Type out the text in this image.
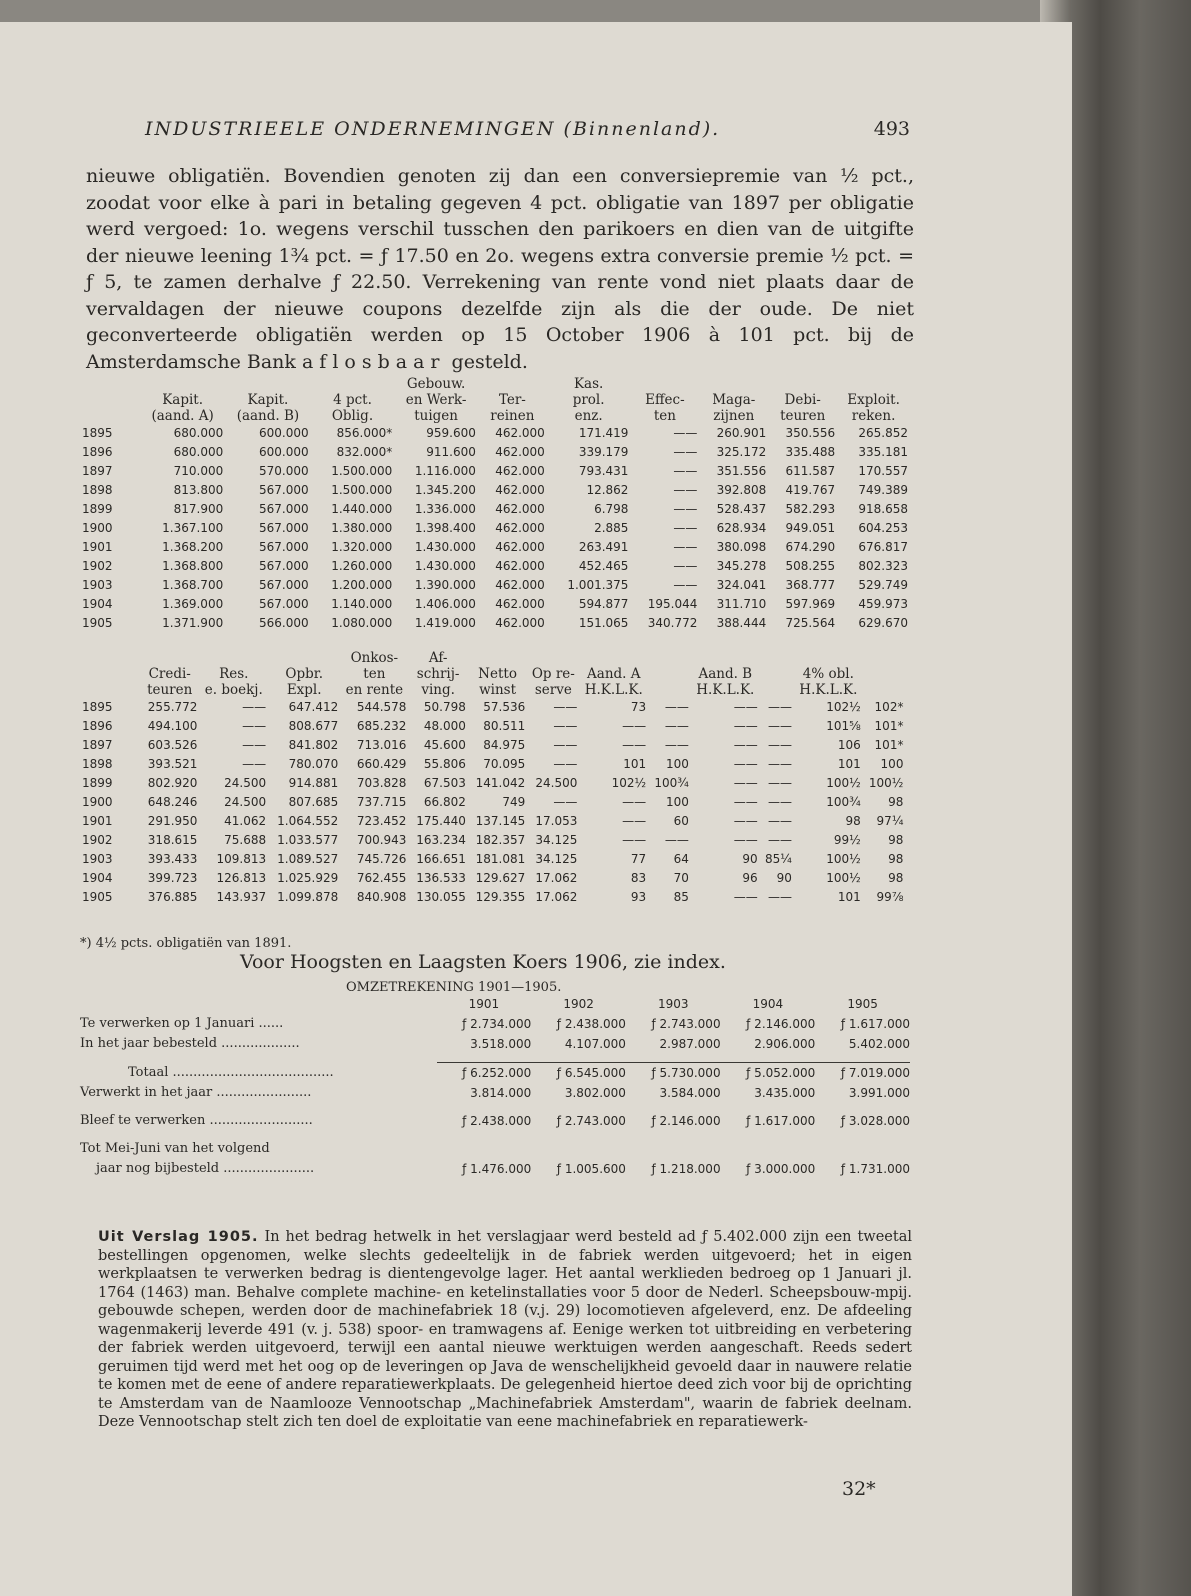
INDUSTRIEELE ONDERNEMINGEN (Binnenland).	493

nieuwe obligatiën. Bovendien genoten zij dan een conversiepremie van ½ pct., zoodat voor elke à pari in betaling gegeven 4 pct. obligatie van 1897 per obligatie werd vergoed: 1o. wegens verschil tusschen den parikoers en dien van de uitgifte der nieuwe leening 1¾ pct. = ƒ 17.50 en 2o. wegens extra conversie premie ½ pct. = ƒ 5, te zamen derhalve ƒ 22.50. Verrekening van rente vond niet plaats daar de vervaldagen der nieuwe coupons dezelfde zijn als die der oude. De niet geconverteerde obligatiën werden op 15 October 1906 à 101 pct. bij de Amsterdamsche Bank aflosbaar gesteld.

				Gebouw.		Kas.				
	Kapit.	Kapit.	4 pct.	en Werk-	Ter-	prol.	Effec-	Maga-	Debi-	Exploit.
	(aand. A)	(aand. B)	Oblig.	tuigen	reinen	enz.	ten	zijnen	teuren	reken.
1895	680.000	600.000	856.000*	959.600	462.000	171.419	——	260.901	350.556	265.852
1896	680.000	600.000	832.000*	911.600	462.000	339.179	——	325.172	335.488	335.181
1897	710.000	570.000	1.500.000	1.116.000	462.000	793.431	——	351.556	611.587	170.557
1898	813.800	567.000	1.500.000	1.345.200	462.000	12.862	——	392.808	419.767	749.389
1899	817.900	567.000	1.440.000	1.336.000	462.000	6.798	——	528.437	582.293	918.658
1900	1.367.100	567.000	1.380.000	1.398.400	462.000	2.885	——	628.934	949.051	604.253
1901	1.368.200	567.000	1.320.000	1.430.000	462.000	263.491	——	380.098	674.290	676.817
1902	1.368.800	567.000	1.260.000	1.430.000	462.000	452.465	——	345.278	508.255	802.323
1903	1.368.700	567.000	1.200.000	1.390.000	462.000	1.001.375	——	324.041	368.777	529.749
1904	1.369.000	567.000	1.140.000	1.406.000	462.000	594.877	195.044	311.710	597.969	459.973
1905	1.371.900	566.000	1.080.000	1.419.000	462.000	151.065	340.772	388.444	725.564	629.670
				Onkos-	Af-									
	Credi-	Res.	Opbr.	ten	schrij-	Netto	Op re-	Aand. A		Aand. B		4% obl.		
	teuren	e. boekj.	Expl.	en rente	ving.	winst	serve	H.K.L.K.		H.K.L.K.		H.K.L.K.		
1895	255.772	——	647.412	544.578	50.798	57.536	——	73	——	——	——	102½	102*	
1896	494.100	——	808.677	685.232	48.000	80.511	——	——	——	——	——	101⅝	101*	
1897	603.526	——	841.802	713.016	45.600	84.975	——	——	——	——	——	106	101*	
1898	393.521	——	780.070	660.429	55.806	70.095	——	101	100	——	——	101	100	
1899	802.920	24.500	914.881	703.828	67.503	141.042	24.500	102½	100¾	——	——	100½	100½	
1900	648.246	24.500	807.685	737.715	66.802	749	——	——	100	——	——	100¾	98	
1901	291.950	41.062	1.064.552	723.452	175.440	137.145	17.053	——	60	——	——	98	97¼	
1902	318.615	75.688	1.033.577	700.943	163.234	182.357	34.125	——	——	——	——	99½	98	
1903	393.433	109.813	1.089.527	745.726	166.651	181.081	34.125	77	64	90	85¼	100½	98	
1904	399.723	126.813	1.025.929	762.455	136.533	129.627	17.062	83	70	96	90	100½	98	
1905	376.885	143.937	1.099.878	840.908	130.055	129.355	17.062	93	85	——	——	101	99⅞	
*) 4½ pcts. obligatiën van 1891.
Voor Hoogsten en Laagsten Koers 1906, zie index.
OMZETREKENING 1901—1905.
	1901	1902	1903	1904	1905
Te verwerken op 1 Januari ......	ƒ 2.734.000	ƒ 2.438.000	ƒ 2.743.000	ƒ 2.146.000	ƒ 1.617.000
In het jaar bebesteld ...................	3.518.000	4.107.000	2.987.000	2.906.000	5.402.000

Totaal .......................................	ƒ 6.252.000	ƒ 6.545.000	ƒ 5.730.000	ƒ 5.052.000	ƒ 7.019.000
Verwerkt in het jaar .......................	3.814.000	3.802.000	3.584.000	3.435.000	3.991.000

Bleef te verwerken .........................	ƒ 2.438.000	ƒ 2.743.000	ƒ 2.146.000	ƒ 1.617.000	ƒ 3.028.000

Tot Mei-Juni van het volgend					
jaar nog bijbesteld ......................	ƒ 1.476.000	ƒ 1.005.600	ƒ 1.218.000	ƒ 3.000.000	ƒ 1.731.000

Uit Verslag 1905. In het bedrag hetwelk in het verslagjaar werd besteld ad ƒ 5.402.000 zijn een tweetal bestellingen opgenomen, welke slechts gedeeltelijk in de fabriek werden uitgevoerd; het in eigen werkplaatsen te verwerken bedrag is dientengevolge lager. Het aantal werklieden bedroeg op 1 Januari jl. 1764 (1463) man. Behalve complete machine- en ketelinstallaties voor 5 door de Nederl. Scheepsbouw-mpij. gebouwde schepen, werden door de machinefabriek 18 (v.j. 29) locomotieven afgeleverd, enz. De afdeeling wagenmakerij leverde 491 (v. j. 538) spoor- en tramwagens af. Eenige werken tot uitbreiding en verbetering der fabriek werden uitgevoerd, terwijl een aantal nieuwe werktuigen werden aangeschaft. Reeds sedert geruimen tijd werd met het oog op de leveringen op Java de wenschelijkheid gevoeld daar in nauwere relatie te komen met de eene of andere reparatiewerkplaats. De gelegenheid hiertoe deed zich voor bij de oprichting te Amsterdam van de Naamlooze Vennootschap „Machinefabriek Amsterdam", waarin de fabriek deelnam. Deze Vennootschap stelt zich ten doel de exploitatie van eene machinefabriek en reparatiewerk-

32*
